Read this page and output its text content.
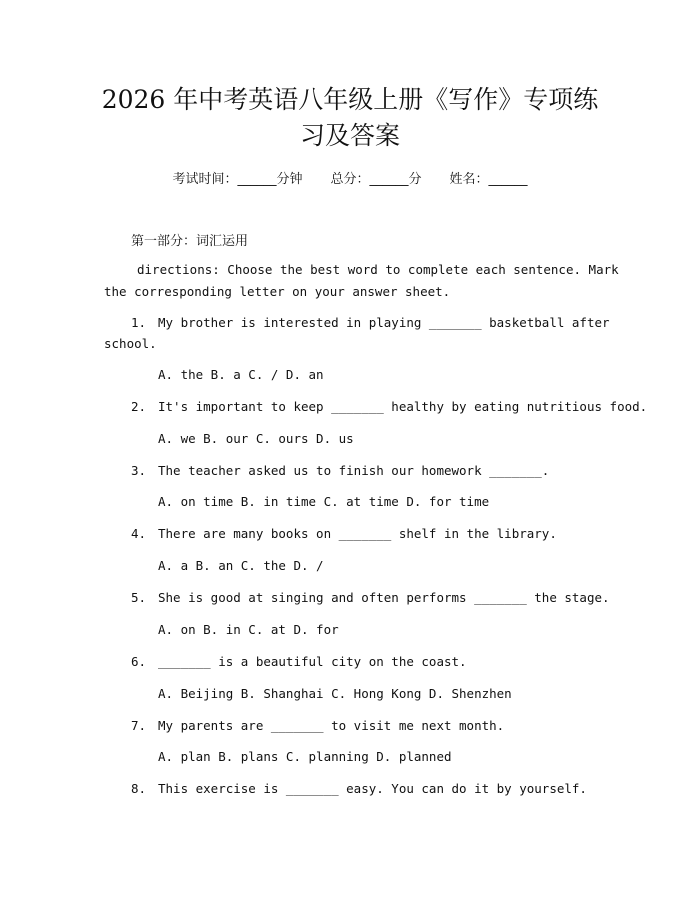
2026 年中考英语八年级上册《写作》专项练
习及答案
考试时间：______分钟 总分：______分 姓名：______
第一部分：词汇运用
directions: Choose the best word to complete each sentence. Mark
the corresponding letter on your answer sheet.
1. My brother is interested in playing _______ basketball after
school.
A. the B. a C. / D. an
2. It's important to keep _______ healthy by eating nutritious food.
A. we B. our C. ours D. us
3. The teacher asked us to finish our homework _______.
A. on time B. in time C. at time D. for time
4. There are many books on _______ shelf in the library.
A. a B. an C. the D. /
5. She is good at singing and often performs _______ the stage.
A. on B. in C. at D. for
6. _______ is a beautiful city on the coast.
A. Beijing B. Shanghai C. Hong Kong D. Shenzhen
7. My parents are _______ to visit me next month.
A. plan B. plans C. planning D. planned
8. This exercise is _______ easy. You can do it by yourself.
